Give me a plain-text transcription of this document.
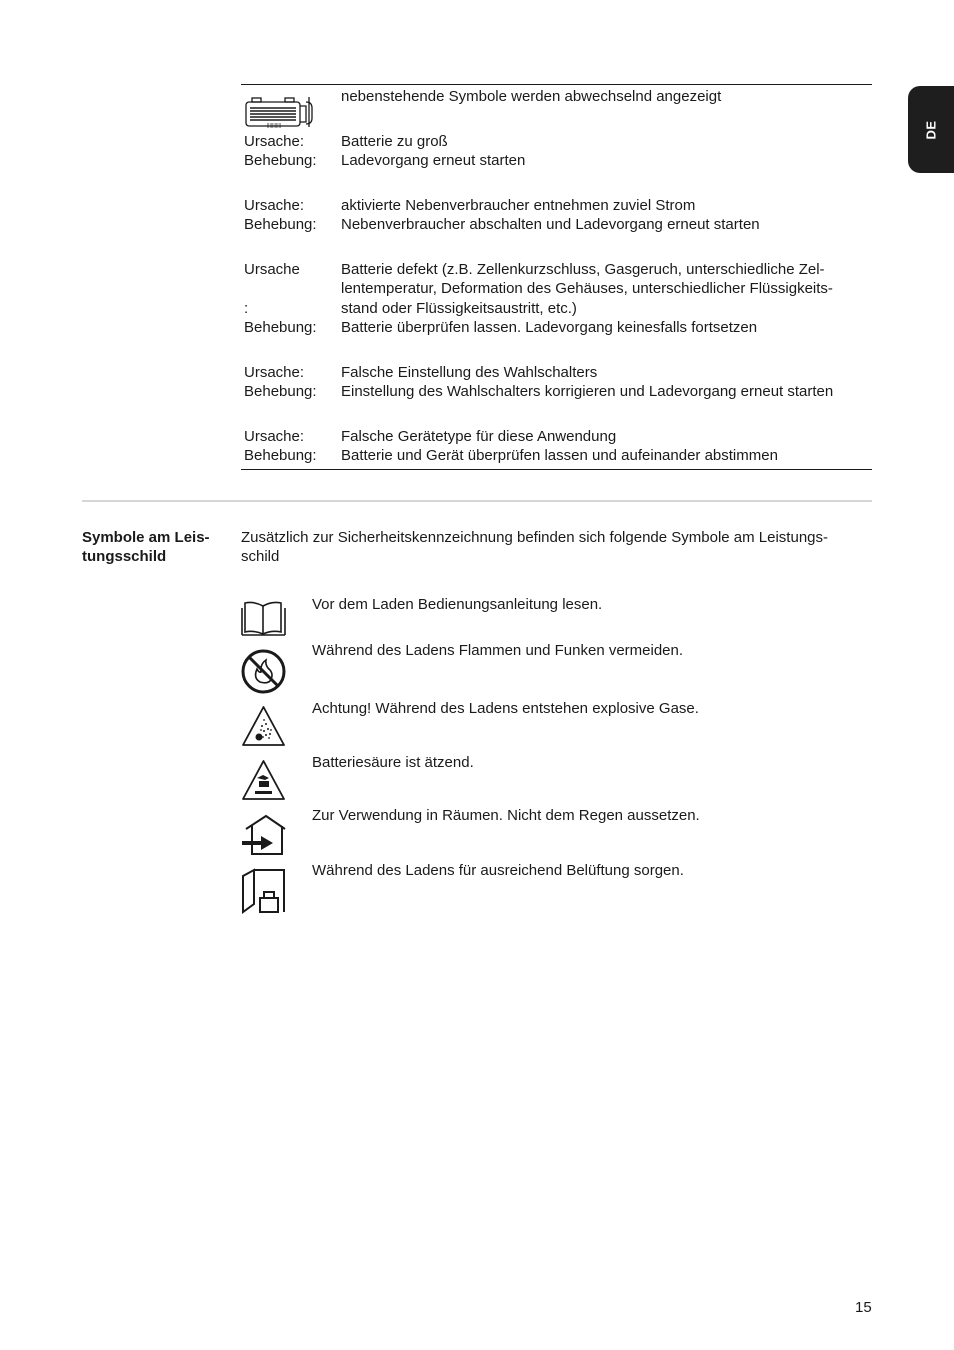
DE
|||||||||||
nebenstehende Symbole werden abwechselnd angezeigt
Ursache: Batterie zu groß
Behebung: Ladevorgang erneut starten
Ursache: aktivierte Nebenverbraucher entnehmen zuviel Strom
Behebung: Nebenverbraucher abschalten und Ladevorgang erneut starten
Ursache
:
Behebung:
Batterie defekt (z.B. Zellenkurzschluss, Gasgeruch, unterschiedliche Zel-
lentemperatur, Deformation des Gehäuses, unterschiedlicher Flüssigkeits-
stand oder Flüssigkeitsaustritt, etc.)
Batterie überprüfen lassen. Ladevorgang keinesfalls fortsetzen
Ursache: Falsche Einstellung des Wahlschalters
Behebung: Einstellung des Wahlschalters korrigieren und Ladevorgang erneut starten
Ursache: Falsche Gerätetype für diese Anwendung
Behebung: Batterie und Gerät überprüfen lassen und aufeinander abstimmen
Symbole am Leis-
tungsschild
Zusätzlich zur Sicherheitskennzeichnung befinden sich folgende Symbole am Leistungs-
schild
Vor dem Laden Bedienungsanleitung lesen.
Während des Ladens Flammen und Funken vermeiden.
Achtung! Während des Ladens entstehen explosive Gase.
Batteriesäure ist ätzend.
Zur Verwendung in Räumen. Nicht dem Regen aussetzen.
Während des Ladens für ausreichend Belüftung sorgen.
15
